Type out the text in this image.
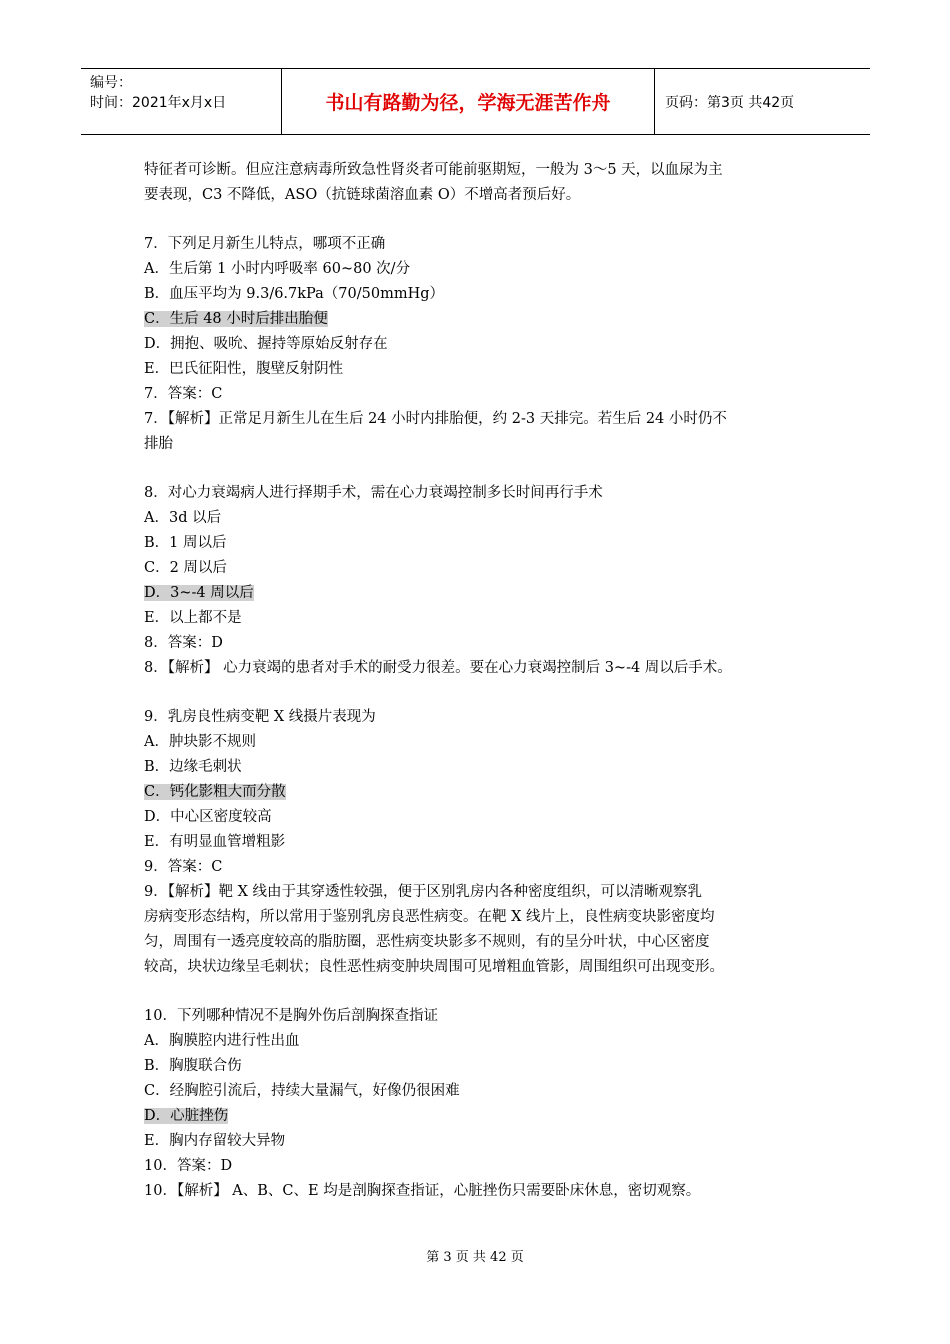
编号：
时间：2021年x月x日	书山有路勤为径，学海无涯苦作舟	页码：第3页 共42页
特征者可诊断。但应注意病毒所致急性肾炎者可能前驱期短，一般为 3～5 天，以血尿为主
要表现，C3 不降低，ASO（抗链球菌溶血素 O）不增高者预后好。
7．下列足月新生儿特点，哪项不正确
A．生后第 1 小时内呼吸率 60~80 次/分
B．血压平均为 9.3/6.7kPa（70/50mmHg）
C．生后 48 小时后排出胎便
D．拥抱、吸吮、握持等原始反射存在
E．巴氏征阳性，腹壁反射阴性
7．答案：C
7．【解析】正常足月新生儿在生后 24 小时内排胎便，约 2-3 天排完。若生后 24 小时仍不
排胎
8．对心力衰竭病人进行择期手术，需在心力衰竭控制多长时间再行手术
A．3d 以后
B．1 周以后
C．2 周以后
D．3~-4 周以后
E．以上都不是
8．答案：D
8．【解析】 心力衰竭的患者对手术的耐受力很差。要在心力衰竭控制后 3~-4 周以后手术。
9．乳房良性病变靶 X 线摄片表现为
A．肿块影不规则
B．边缘毛刺状
C．钙化影粗大而分散
D．中心区密度较高
E．有明显血管增粗影
9．答案：C
9．【解析】靶 X 线由于其穿透性较强，便于区别乳房内各种密度组织，可以清晰观察乳
房病变形态结构，所以常用于鉴别乳房良恶性病变。在靶 X 线片上，良性病变块影密度均
匀，周围有一透亮度较高的脂肪圈，恶性病变块影多不规则，有的呈分叶状，中心区密度
较高，块状边缘呈毛刺状；良性恶性病变肿块周围可见增粗血管影，周围组织可出现变形。
10．下列哪种情况不是胸外伤后剖胸探查指证
A．胸膜腔内进行性出血
B．胸腹联合伤
C．经胸腔引流后，持续大量漏气，好像仍很困难
D．心脏挫伤
E．胸内存留较大异物
10．答案：D
10．【解析】 A、B、C、E 均是剖胸探查指证，心脏挫伤只需要卧床休息，密切观察。
第 3 页 共 42 页
